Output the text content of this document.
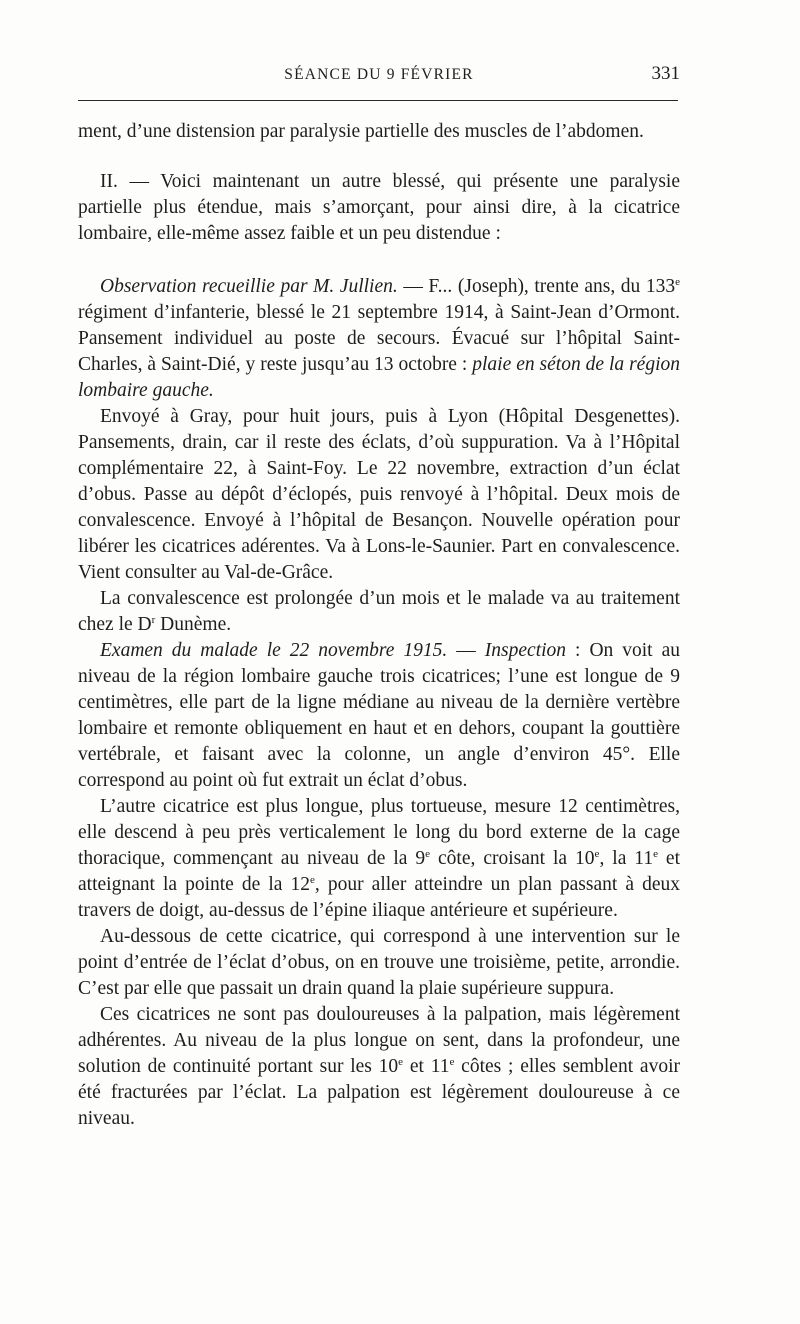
SÉANCE DU 9 FÉVRIER	331

ment, d’une distension par paralysie partielle des muscles de l’abdomen.

II. — Voici maintenant un autre blessé, qui présente une paralysie partielle plus étendue, mais s’amorçant, pour ainsi dire, à la cicatrice lombaire, elle-même assez faible et un peu distendue :

Observation recueillie par M. Jullien. — F... (Joseph), trente ans, du 133e régiment d’infanterie, blessé le 21 septembre 1914, à Saint-Jean d’Ormont. Pansement individuel au poste de secours. Évacué sur l’hôpital Saint-Charles, à Saint-Dié, y reste jusqu’au 13 octobre : plaie en séton de la région lombaire gauche.

Envoyé à Gray, pour huit jours, puis à Lyon (Hôpital Desgenettes). Pansements, drain, car il reste des éclats, d’où suppuration. Va à l’Hôpital complémentaire 22, à Saint-Foy. Le 22 novembre, extraction d’un éclat d’obus. Passe au dépôt d’éclopés, puis renvoyé à l’hôpital. Deux mois de convalescence. Envoyé à l’hôpital de Besançon. Nouvelle opération pour libérer les cicatrices adérentes. Va à Lons-le-Saunier. Part en convalescence. Vient consulter au Val-de-Grâce.

La convalescence est prolongée d’un mois et le malade va au traitement chez le $D^r$ Dunème.

Examen du malade le 22 novembre 1915. — Inspection : On voit au niveau de la région lombaire gauche trois cicatrices; l’une est longue de 9 centimètres, elle part de la ligne médiane au niveau de la dernière vertèbre lombaire et remonte obliquement en haut et en dehors, coupant la gouttière vertébrale, et faisant avec la colonne, un angle d’environ 45°. Elle correspond au point où fut extrait un éclat d’obus.

L’autre cicatrice est plus longue, plus tortueuse, mesure 12 centimètres, elle descend à peu près verticalement le long du bord externe de la cage thoracique, commençant au niveau de la 9e côte, croisant la 10e, la 11e et atteignant la pointe de la 12e, pour aller atteindre un plan passant à deux travers de doigt, au-dessus de l’épine iliaque antérieure et supérieure.

Au-dessous de cette cicatrice, qui correspond à une intervention sur le point d’entrée de l’éclat d’obus, on en trouve une troisième, petite, arrondie. C’est par elle que passait un drain quand la plaie supérieure suppura.

Ces cicatrices ne sont pas douloureuses à la palpation, mais légèrement adhérentes. Au niveau de la plus longue on sent, dans la profondeur, une solution de continuité portant sur les 10e et 11e côtes ; elles semblent avoir été fracturées par l’éclat. La palpation est légèrement douloureuse à ce niveau.
